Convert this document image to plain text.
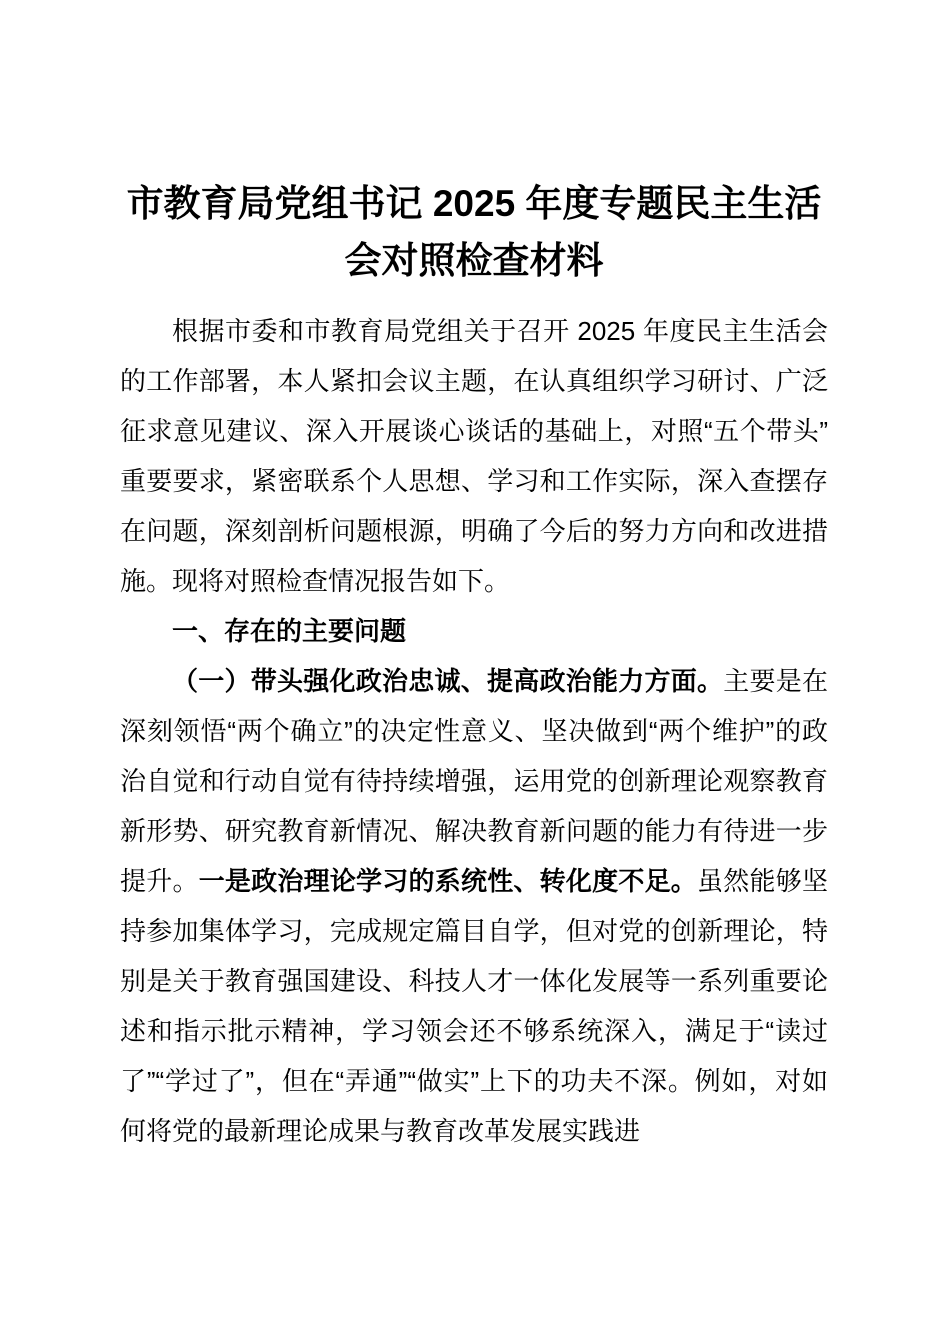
市教育局党组书记 2025 年度专题民主生活会对照检查材料

根据市委和市教育局党组关于召开 2025 年度民主生活会的工作部署，本人紧扣会议主题，在认真组织学习研讨、广泛征求意见建议、深入开展谈心谈话的基础上，对照“五个带头”重要要求，紧密联系个人思想、学习和工作实际，深入查摆存在问题，深刻剖析问题根源，明确了今后的努力方向和改进措施。现将对照检查情况报告如下。

一、存在的主要问题

（一）带头强化政治忠诚、提高政治能力方面。主要是在深刻领悟“两个确立”的决定性意义、坚决做到“两个维护”的政治自觉和行动自觉有待持续增强，运用党的创新理论观察教育新形势、研究教育新情况、解决教育新问题的能力有待进一步提升。一是政治理论学习的系统性、转化度不足。虽然能够坚持参加集体学习，完成规定篇目自学，但对党的创新理论，特别是关于教育强国建设、科技人才一体化发展等一系列重要论述和指示批示精神，学习领会还不够系统深入，满足于“读过了”“学过了”，但在“弄通”“做实”上下的功夫不深。例如，对如何将党的最新理论成果与教育改革发展实践进
